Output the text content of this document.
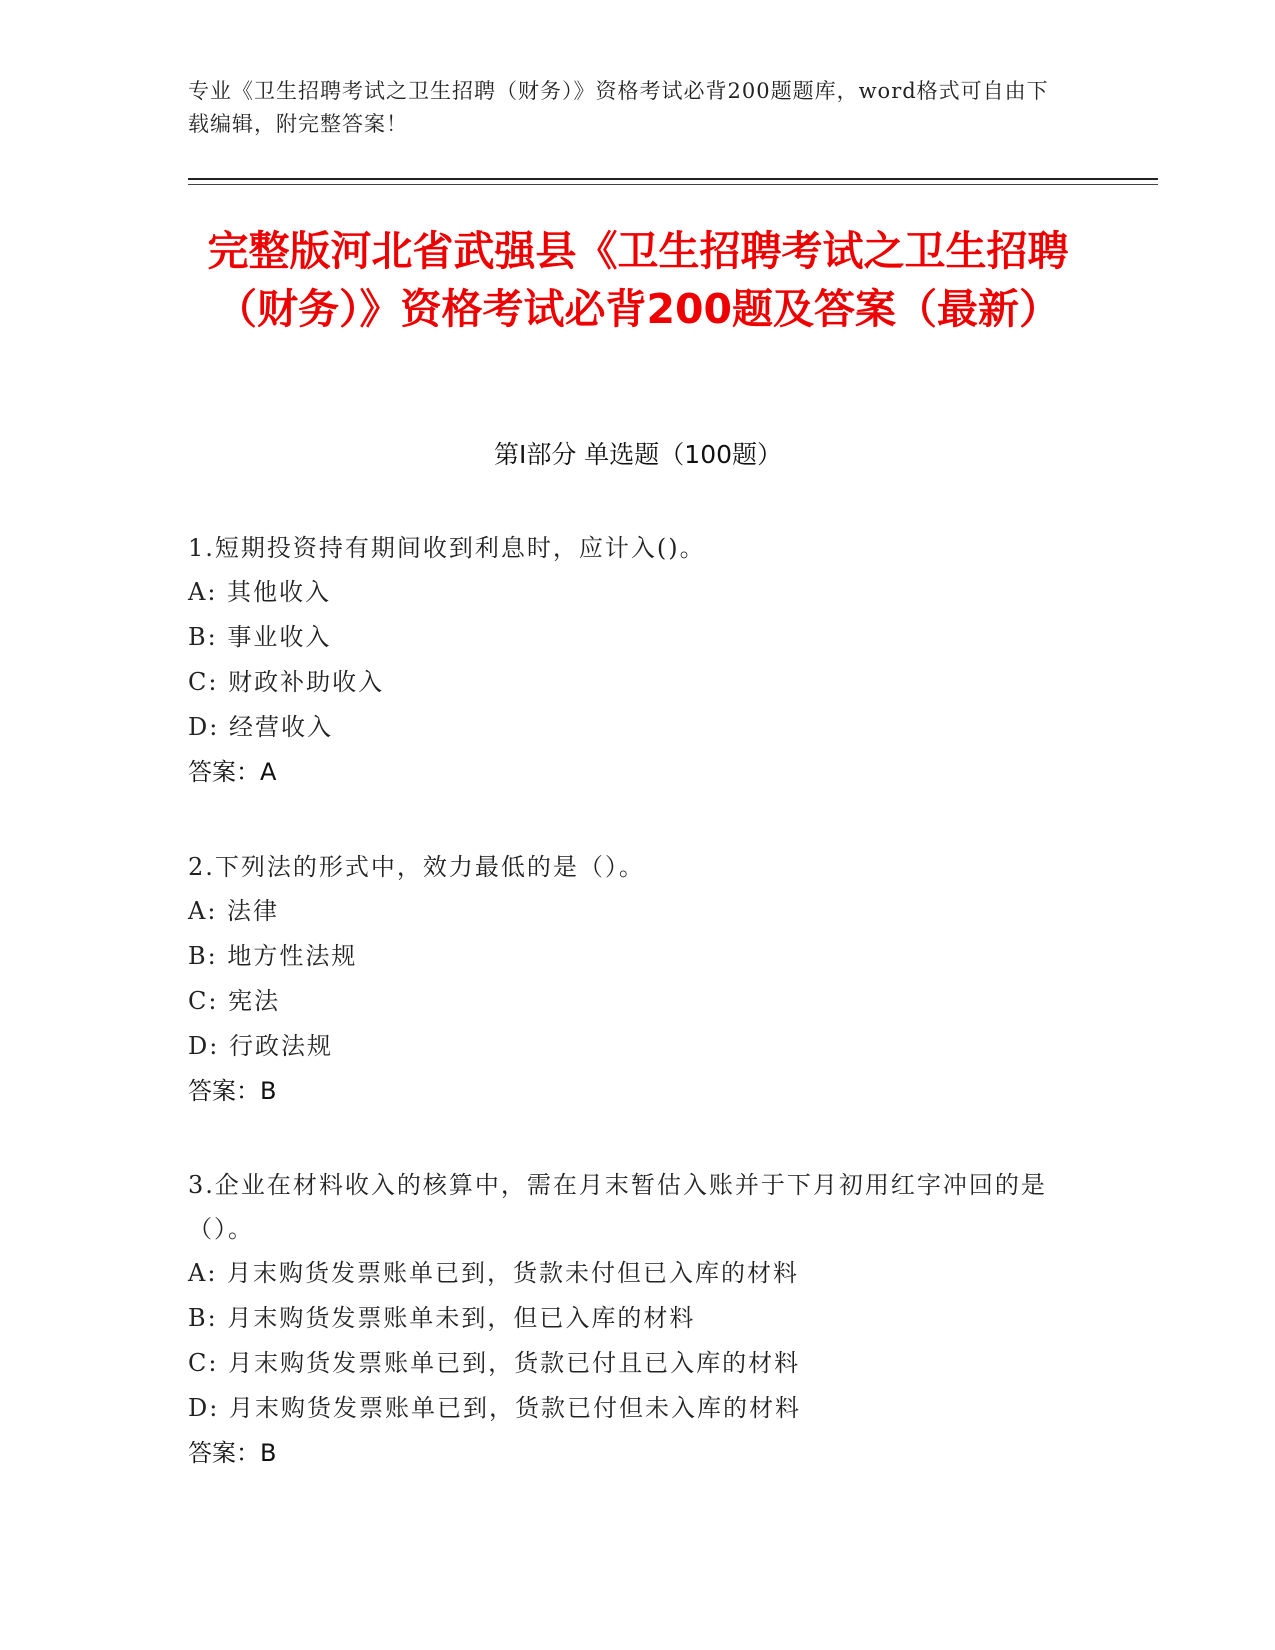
专业《卫生招聘考试之卫生招聘（财务）》资格考试必背200题题库，word格式可自由下载编辑，附完整答案！
完整版河北省武强县《卫生招聘考试之卫生招聘（财务）》资格考试必背200题及答案（最新）
第I部分 单选题（100题）

1.短期投资持有期间收到利息时，应计入()。

A: 其他收入

B: 事业收入

C: 财政补助收入

D: 经营收入

答案：A

2.下列法的形式中，效力最低的是（）。

A: 法律

B: 地方性法规

C: 宪法

D: 行政法规

答案：B

3.企业在材料收入的核算中，需在月末暂估入账并于下月初用红字冲回的是（）。

A: 月末购货发票账单已到，货款未付但已入库的材料

B: 月末购货发票账单未到，但已入库的材料

C: 月末购货发票账单已到，货款已付且已入库的材料

D: 月末购货发票账单已到，货款已付但未入库的材料

答案：B
